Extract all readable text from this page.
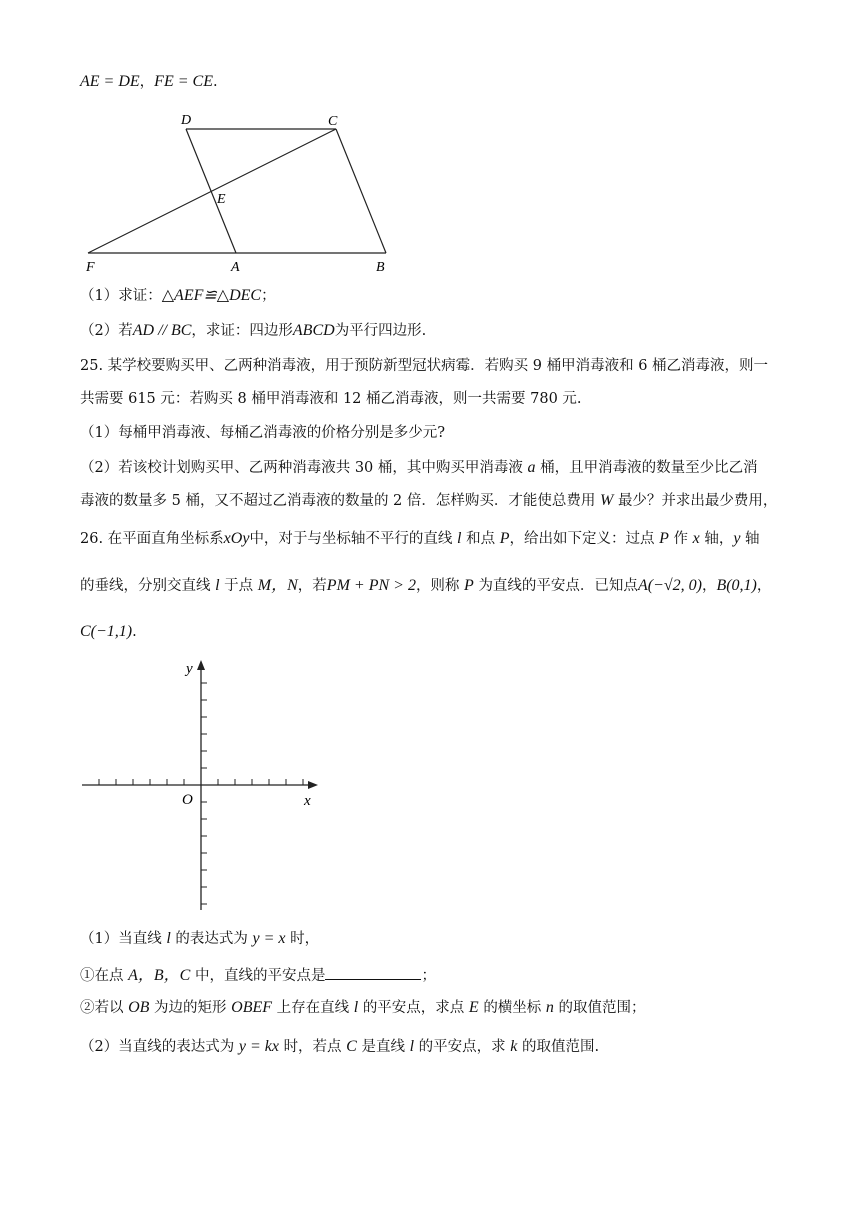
AE = DE，FE = CE.
D	C
E
F	A	B
（1）求证：△AEF≌△DEC；
（2）若AD // BC，求证：四边形ABCD为平行四边形.
25. 某学校要购买甲、乙两种消毒液，用于预防新型冠状病霉．若购买 9 桶甲消毒液和 6 桶乙消毒液，则一
共需要 615 元：若购买 8 桶甲消毒液和 12 桶乙消毒液，则一共需要 780 元.
（1）每桶甲消毒液、每桶乙消毒液的价格分别是多少元?
（2）若该校计划购买甲、乙两种消毒液共 30 桶，其中购买甲消毒液 a 桶，且甲消毒液的数量至少比乙消
毒液的数量多 5 桶，又不超过乙消毒液的数量的 2 倍．怎样购买．才能使总费用 W 最少？并求出最少费用，
26. 在平面直角坐标系xOy中，对于与坐标轴不平行的直线 l 和点 P，给出如下定义：过点 P 作 x 轴，y 轴
的垂线，分别交直线 l 于点 M，N，若PM + PN > 2，则称 P 为直线的平安点．已知点A(−√2, 0)，B(0,1)，
C(−1,1).
y
x
O
（1）当直线 l 的表达式为 y = x 时，
①在点 A，B，C 中，直线的平安点是	；
②若以 OB 为边的矩形 OBEF 上存在直线 l 的平安点，求点 E 的横坐标 n 的取值范围；
（2）当直线的表达式为 y = kx 时，若点 C 是直线 l 的平安点，求 k 的取值范围.
